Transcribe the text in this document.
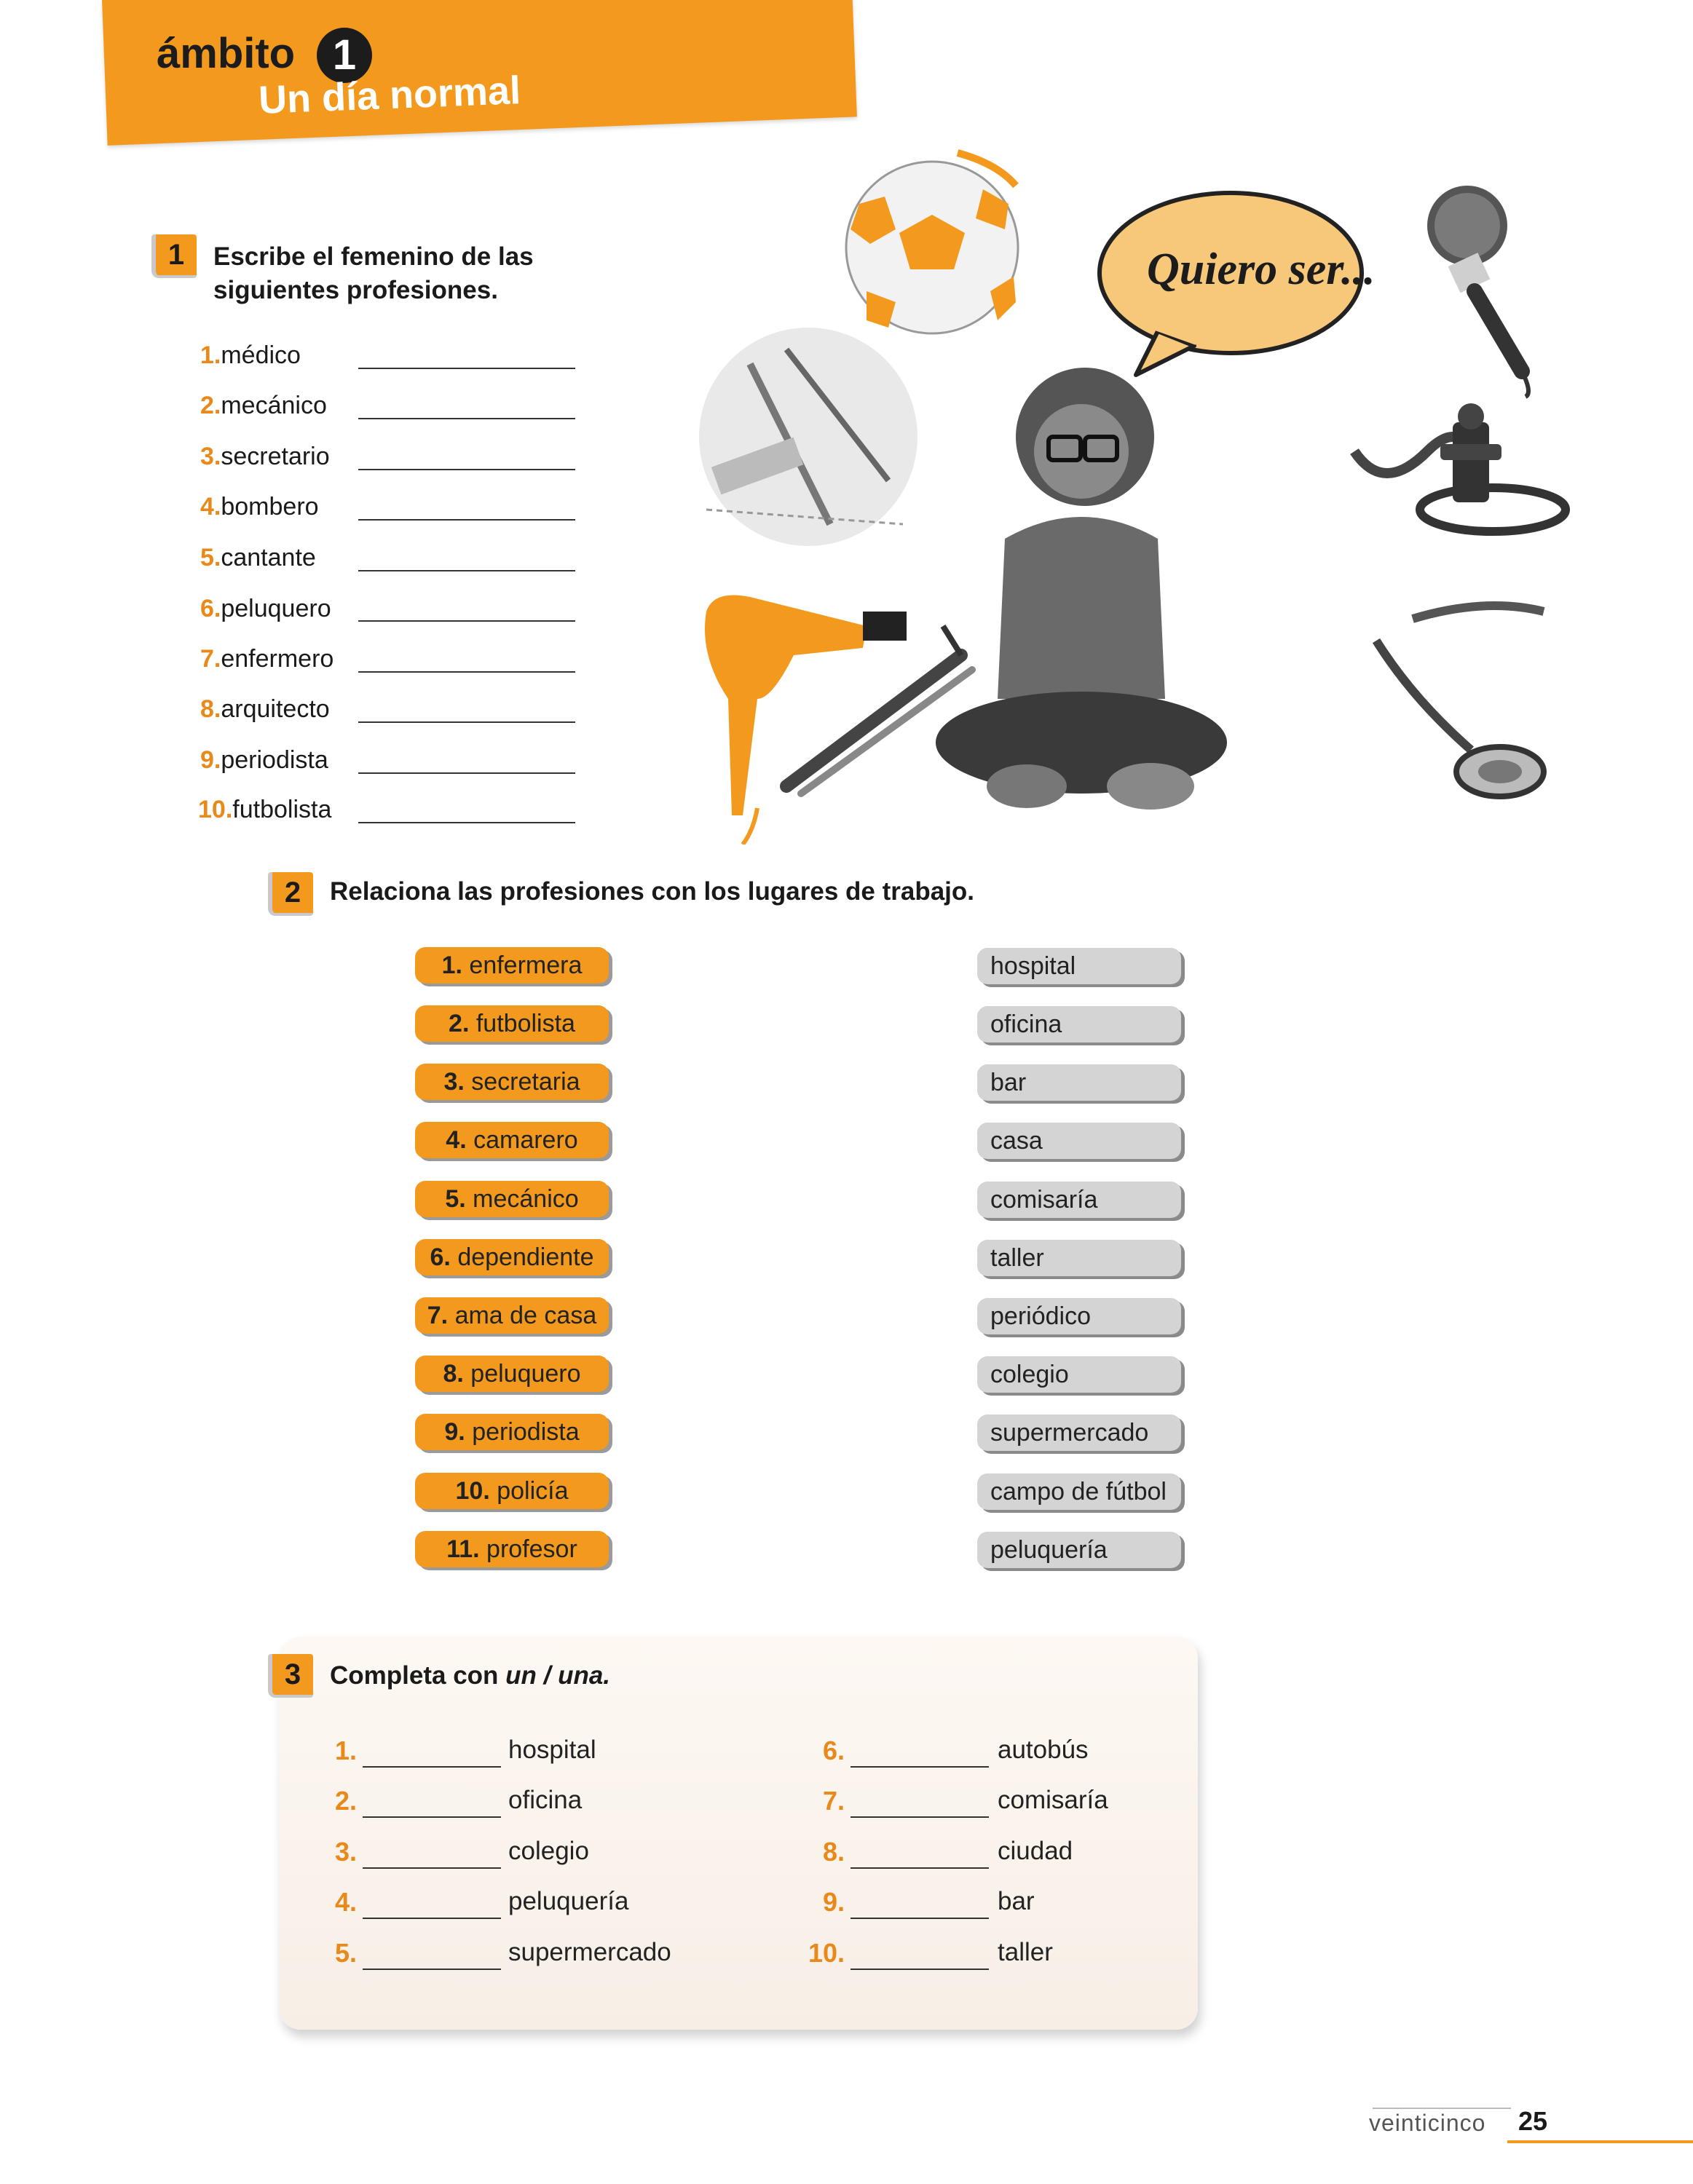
ámbito 1
Un día normal
1	Escribe el femenino de las
siguientes profesiones.
1.médico
2.mecánico
3.secretario
4.bombero
5.cantante
6.peluquero
7.enfermero
8.arquitecto
9.periodista
10.futbolista
Quiero ser...
2	Relaciona las profesiones con los lugares de trabajo.
1. enfermera
2. futbolista
3. secretaria
4. camarero
5. mecánico
6. dependiente
7. ama de casa
8. peluquero
9. periodista
10. policía
11. profesor
hospital
oficina
bar
casa
comisaría
taller
periódico
colegio
supermercado
campo de fútbol
peluquería
3	Completa con un / una.
1.	hospital
2.	oficina
3.	colegio
4.	peluquería
5.	supermercado
6.	autobús
7.	comisaría
8.	ciudad
9.	bar
10.	taller
veinticinco 25
